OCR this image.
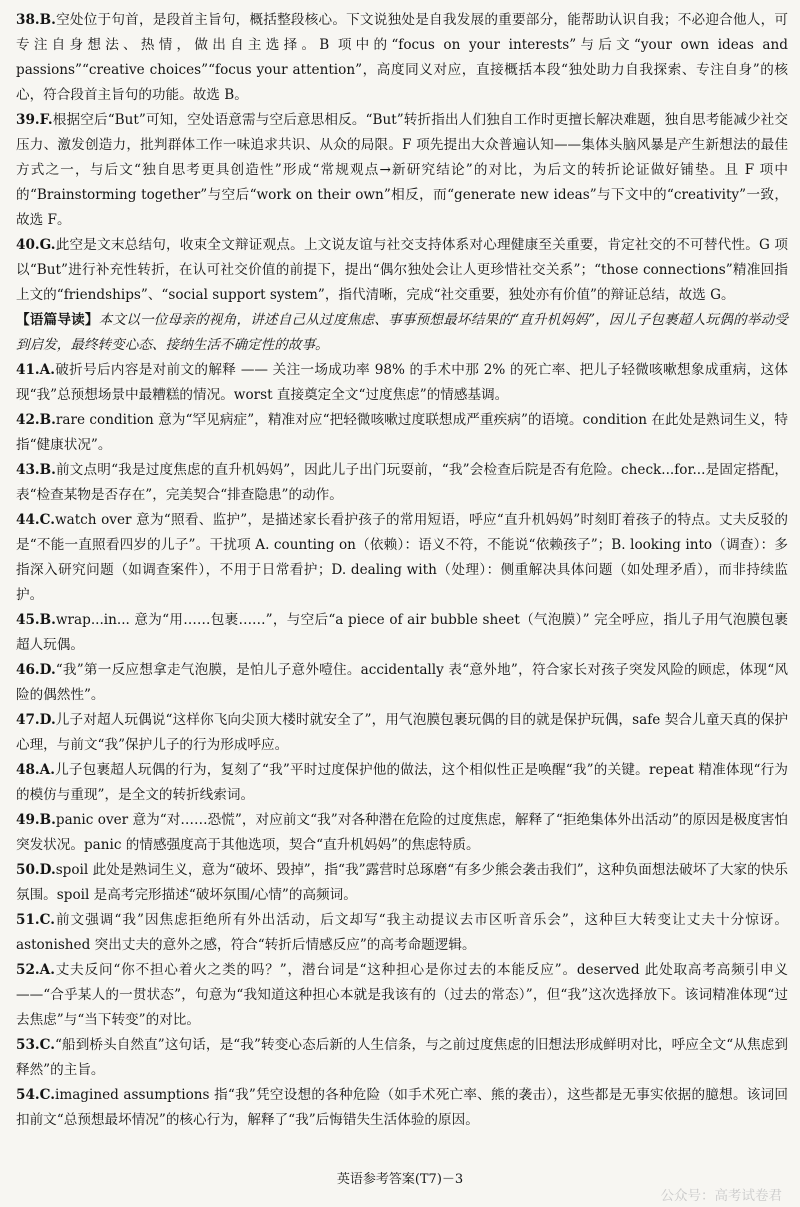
38.B.空处位于句首，是段首主旨句，概括整段核心。下文说独处是自我发展的重要部分，能帮助认识自我；不必迎合他人，可专注自身想法、热情，做出自主选择。B 项中的“focus on your interests”与后文“your own ideas and passions”“creative choices”“focus your attention”，高度同义对应，直接概括本段“独处助力自我探索、专注自身”的核心，符合段首主旨句的功能。故选 B。

39.F.根据空后“But”可知，空处语意需与空后意思相反。“But”转折指出人们独自工作时更擅长解决难题，独自思考能减少社交压力、激发创造力，批判群体工作一味追求共识、从众的局限。F 项先提出大众普遍认知——集体头脑风暴是产生新想法的最佳方式之一，与后文“独自思考更具创造性”形成“常规观点→新研究结论”的对比，为后文的转折论证做好铺垫。且 F 项中的“Brainstorming together”与空后“work on their own”相反，而“generate new ideas”与下文中的“creativity”一致，故选 F。

40.G.此空是文末总结句，收束全文辩证观点。上文说友谊与社交支持体系对心理健康至关重要，肯定社交的不可替代性。G 项以“But”进行补充性转折，在认可社交价值的前提下，提出“偶尔独处会让人更珍惜社交关系”；“those connections”精准回指上文的“friendships”、“social support system”，指代清晰，完成“社交重要，独处亦有价值”的辩证总结，故选 G。

【语篇导读】本文以一位母亲的视角，讲述自己从过度焦虑、事事预想最坏结果的“直升机妈妈”，因儿子包裹超人玩偶的举动受到启发，最终转变心态、接纳生活不确定性的故事。

41.A.破折号后内容是对前文的解释 —— 关注一场成功率 98% 的手术中那 2% 的死亡率、把儿子轻微咳嗽想象成重病，这体现“我”总预想场景中最糟糕的情况。worst 直接奠定全文“过度焦虑”的情感基调。

42.B.rare condition 意为“罕见病症”，精准对应“把轻微咳嗽过度联想成严重疾病”的语境。condition 在此处是熟词生义，特指“健康状况”。

43.B.前文点明“我是过度焦虑的直升机妈妈”，因此儿子出门玩耍前，“我”会检查后院是否有危险。check...for...是固定搭配，表“检查某物是否存在”，完美契合“排查隐患”的动作。

44.C.watch over 意为“照看、监护”，是描述家长看护孩子的常用短语，呼应“直升机妈妈”时刻盯着孩子的特点。丈夫反驳的是“不能一直照看四岁的儿子”。干扰项 A. counting on（依赖）：语义不符，不能说“依赖孩子”；B. looking into（调查）：多指深入研究问题（如调查案件），不用于日常看护；D. dealing with（处理）：侧重解决具体问题（如处理矛盾），而非持续监护。

45.B.wrap...in... 意为“用……包裹……”，与空后“a piece of air bubble sheet（气泡膜）” 完全呼应，指儿子用气泡膜包裹超人玩偶。

46.D.“我”第一反应想拿走气泡膜，是怕儿子意外噎住。accidentally 表“意外地”，符合家长对孩子突发风险的顾虑，体现“风险的偶然性”。

47.D.儿子对超人玩偶说“这样你飞向尖顶大楼时就安全了”，用气泡膜包裹玩偶的目的就是保护玩偶，safe 契合儿童天真的保护心理，与前文“我”保护儿子的行为形成呼应。

48.A.儿子包裹超人玩偶的行为，复刻了“我”平时过度保护他的做法，这个相似性正是唤醒“我”的关键。repeat 精准体现“行为的模仿与重现”，是全文的转折线索词。

49.B.panic over 意为“对……恐慌”，对应前文“我”对各种潜在危险的过度焦虑，解释了“拒绝集体外出活动”的原因是极度害怕突发状况。panic 的情感强度高于其他选项，契合“直升机妈妈”的焦虑特质。

50.D.spoil 此处是熟词生义，意为“破坏、毁掉”，指“我”露营时总琢磨“有多少熊会袭击我们”，这种负面想法破坏了大家的快乐氛围。spoil 是高考完形描述“破坏氛围/心情”的高频词。

51.C.前文强调“我”因焦虑拒绝所有外出活动，后文却写“我主动提议去市区听音乐会”，这种巨大转变让丈夫十分惊讶。astonished 突出丈夫的意外之感，符合“转折后情感反应”的高考命题逻辑。

52.A.丈夫反问“你不担心着火之类的吗？”，潜台词是“这种担心是你过去的本能反应”。deserved 此处取高考高频引申义——“合乎某人的一贯状态”，句意为“我知道这种担心本就是我该有的（过去的常态）”，但“我”这次选择放下。该词精准体现“过去焦虑”与“当下转变”的对比。

53.C.“船到桥头自然直”这句话，是“我”转变心态后新的人生信条，与之前过度焦虑的旧想法形成鲜明对比，呼应全文“从焦虑到释然”的主旨。

54.C.imagined assumptions 指“我”凭空设想的各种危险（如手术死亡率、熊的袭击），这些都是无事实依据的臆想。该词回扣前文“总预想最坏情况”的核心行为，解释了“我”后悔错失生活体验的原因。

英语参考答案(T7)－3
公众号：高考试卷君
